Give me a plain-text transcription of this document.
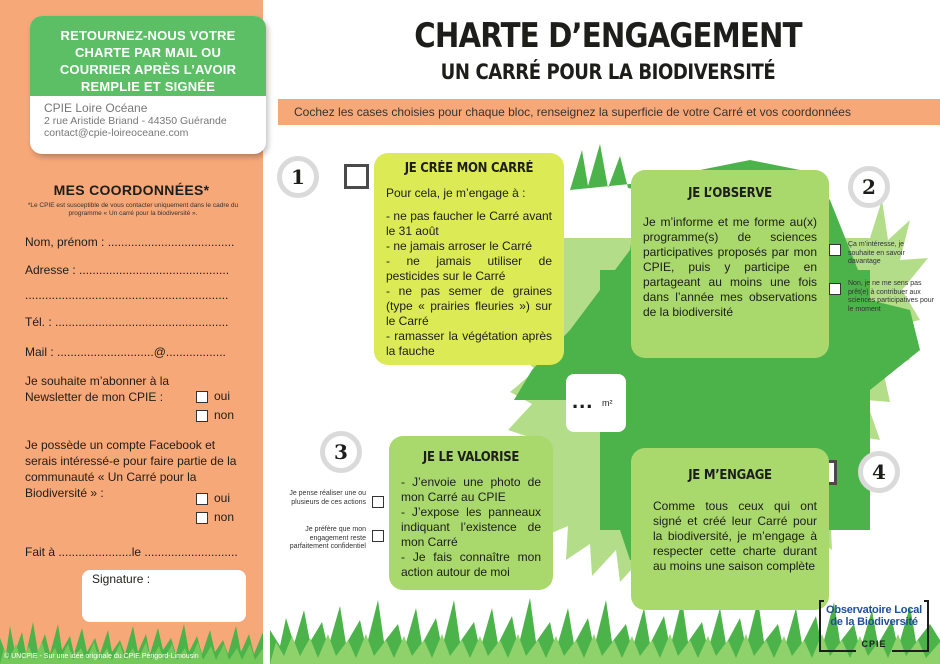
RETOURNEZ-NOUS VOTRE CHARTE PAR MAIL OU COURRIER APRÈS L’AVOIR REMPLIE ET SIGNÉE
CPIE Loire Océane
2 rue Aristide Briand - 44350 Guérande
contact@cpie-loireoceane.com
MES COORDONNÉES*
*Le CPIE est susceptible de vous contacter uniquement dans le cadre du programme « Un carré pour la biodiversité ».
Nom, prénom : ......................................
Adresse : .............................................
.............................................................
Tél. : ....................................................
Mail : .............................@..................
Je souhaite m’abonner à la Newsletter de mon CPIE :	oui
non
Je possède un compte Facebook et serais intéressé-e pour faire partie de la communauté « Un Carré pour la Biodiversité » :	oui
non
Fait à ......................le ............................
Signature :
© UNCPIE - Sur une idée originale du CPIE Périgord-Limousin
CHARTE D’ENGAGEMENT
UN CARRÉ POUR LA BIODIVERSITÉ
Cochez les cases choisies pour chaque bloc, renseignez la superficie de votre Carré et vos coordonnées
1	2
3
4
JE CRÉE MON CARRÉ
Pour cela, je m’engage à :
- ne pas faucher le Carré avant le 31 août
- ne jamais arroser le Carré
- ne jamais utiliser de pesticides sur le Carré
- ne pas semer de graines (type « prairies fleuries ») sur le Carré
- ramasser la végétation après la fauche
JE L’OBSERVE
Je m’informe et me forme au(x) programme(s) de sciences participatives proposés par mon CPIE, puis y participe en partageant au moins une fois dans l’année mes observations de la biodiversité
Ça m’intéresse, je souhaite en savoir davantage
Non, je ne me sens pas prêt(e) à contribuer aux sciences participatives pour le moment
JE LE VALORISE
- J’envoie une photo de mon Carré au CPIE
- J’expose les panneaux indiquant l’existence de mon Carré
- Je fais connaître mon action autour de moi
Je pense réaliser une ou plusieurs de ces actions
Je préfère que mon engagement reste parfaitement confidentiel
JE M’ENGAGE
Comme tous ceux qui ont signé et créé leur Carré pour la biodiversité, je m’engage à respecter cette charte durant au moins une saison complète
... m²
Observatoire Local
de la Biodiversité
CPIE
